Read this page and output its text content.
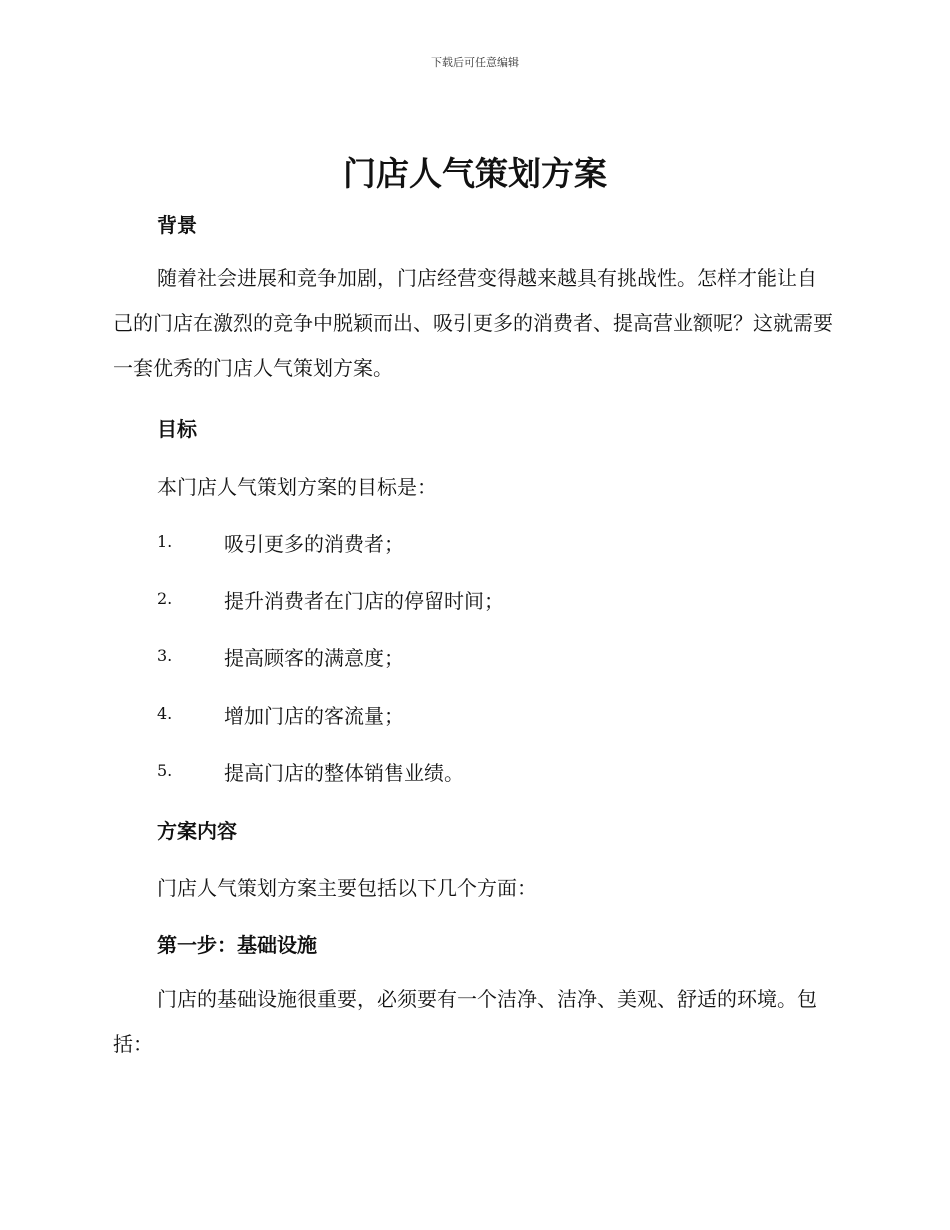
下载后可任意编辑
门店人气策划方案
背景
随着社会进展和竞争加剧，门店经营变得越来越具有挑战性。怎样才能让自己的门店在激烈的竞争中脱颖而出、吸引更多的消费者、提高营业额呢？这就需要一套优秀的门店人气策划方案。
目标
本门店人气策划方案的目标是：
1.	吸引更多的消费者；
2.	提升消费者在门店的停留时间；
3.	提高顾客的满意度；
4.	增加门店的客流量；
5.	提高门店的整体销售业绩。
方案内容
门店人气策划方案主要包括以下几个方面：
第一步：基础设施
门店的基础设施很重要，必须要有一个洁净、洁净、美观、舒适的环境。包括：
